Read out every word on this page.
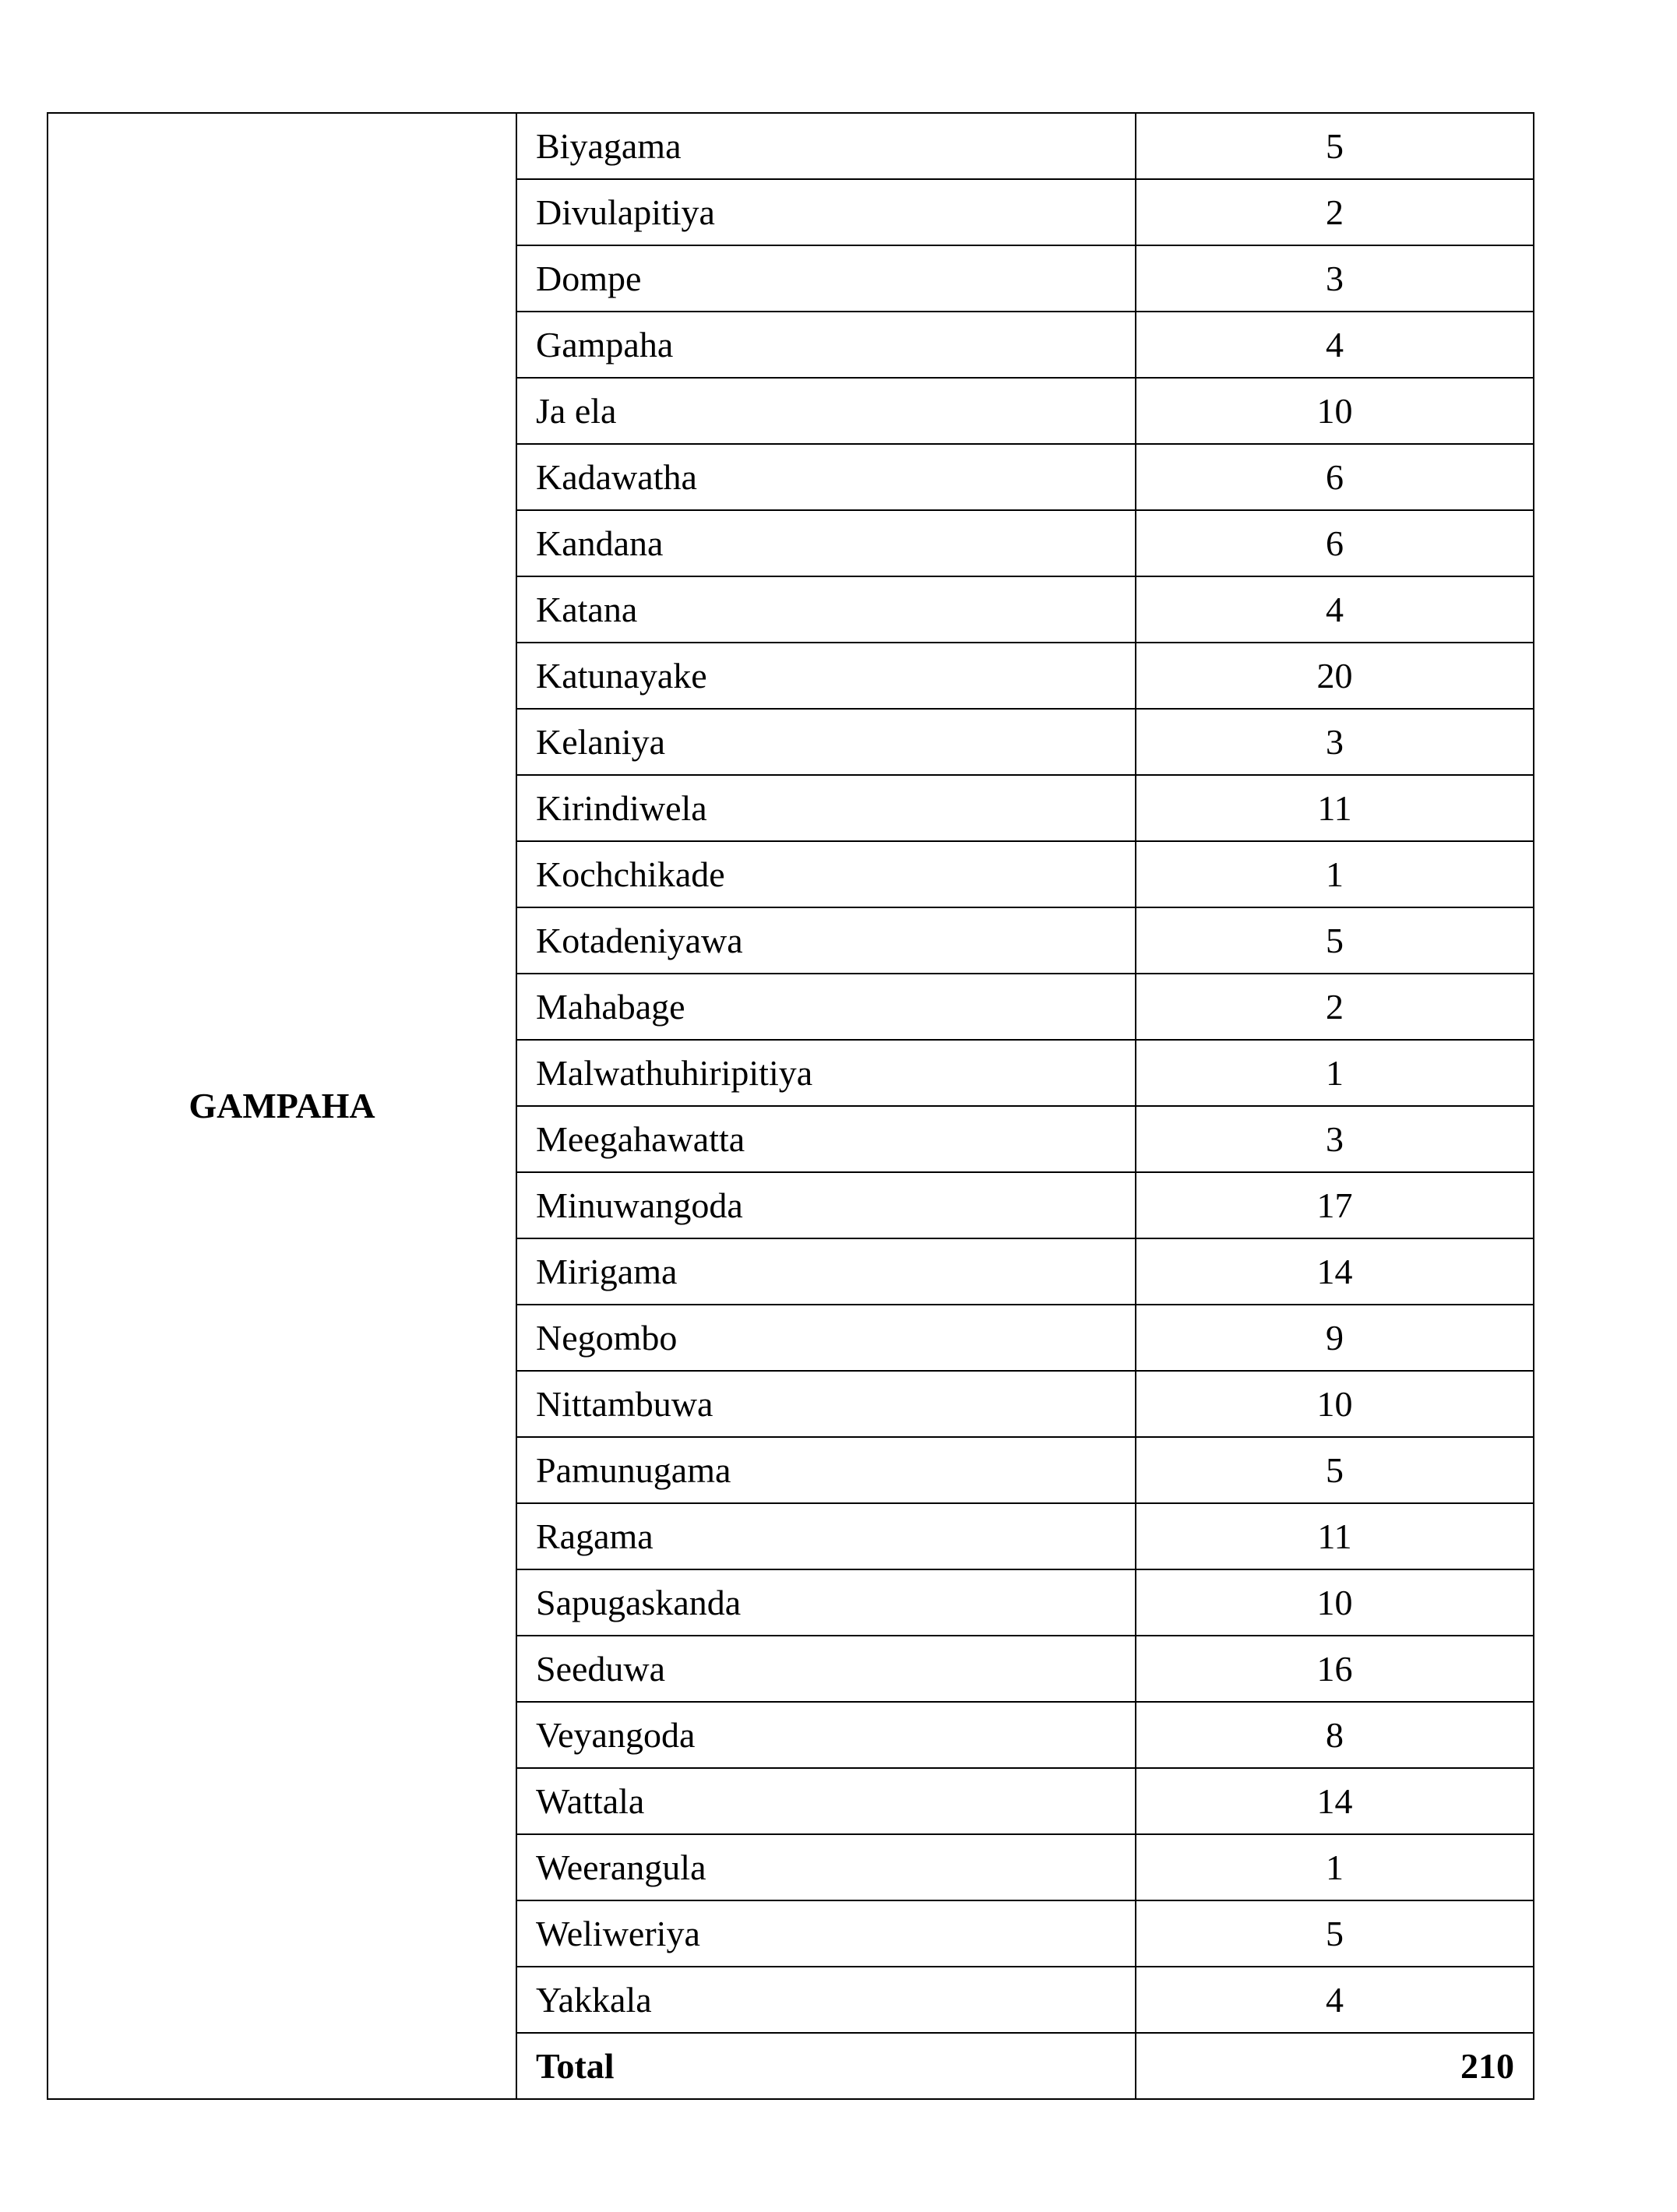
GAMPAHA	Biyagama	5
	Divulapitiya	2
	Dompe	3
	Gampaha	4
	Ja ela	10
	Kadawatha	6
	Kandana	6
	Katana	4
	Katunayake	20
	Kelaniya	3
	Kirindiwela	11
	Kochchikade	1
	Kotadeniyawa	5
	Mahabage	2
	Malwathuhiripitiya	1
	Meegahawatta	3
	Minuwangoda	17
	Mirigama	14
	Negombo	9
	Nittambuwa	10
	Pamunugama	5
	Ragama	11
	Sapugaskanda	10
	Seeduwa	16
	Veyangoda	8
	Wattala	14
	Weerangula	1
	Weliweriya	5
	Yakkala	4
	Total	210
